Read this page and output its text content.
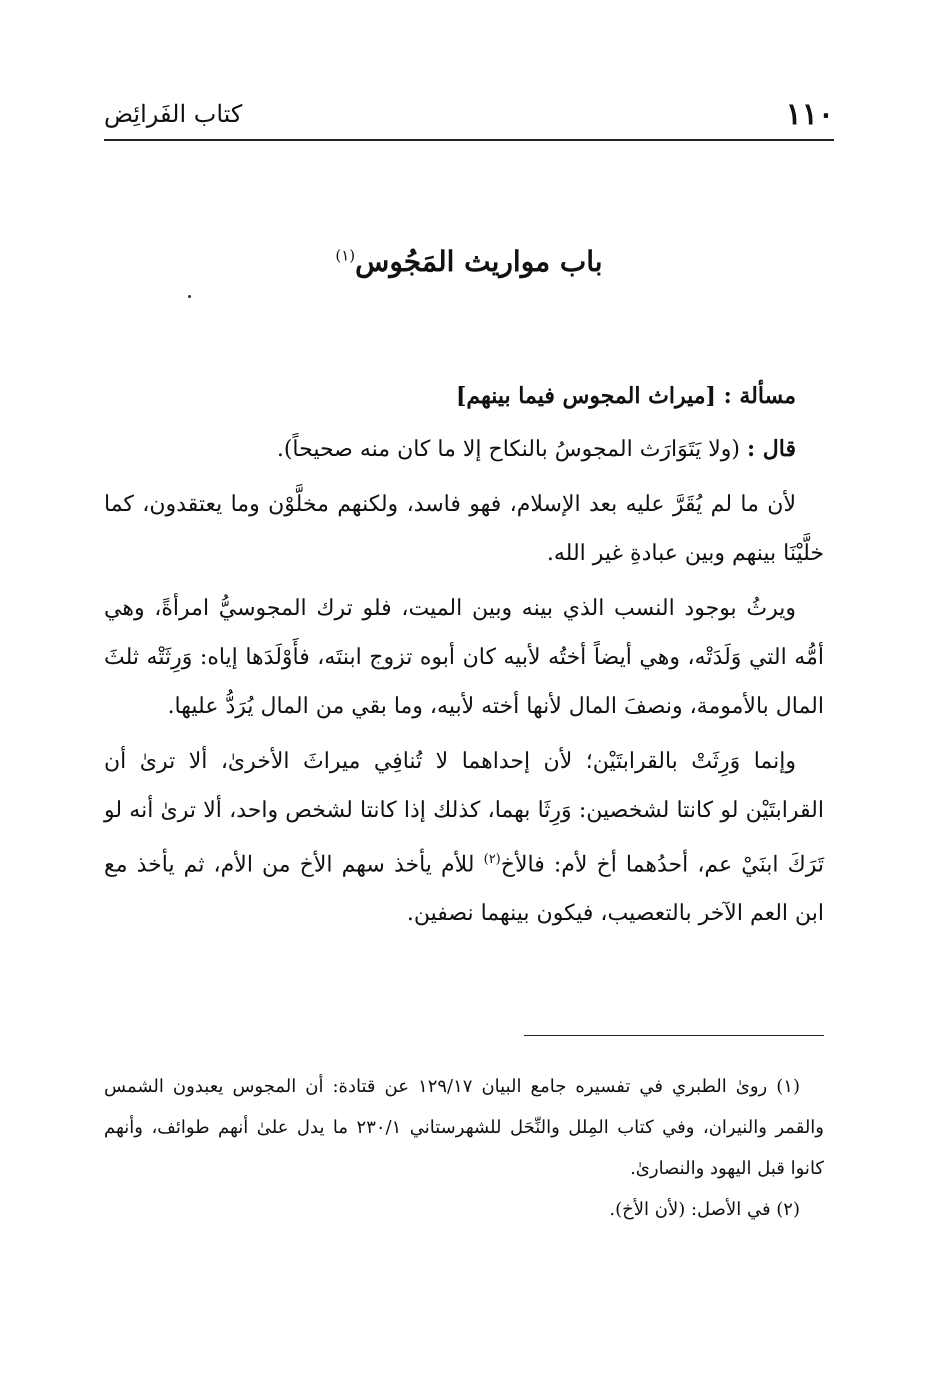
١١٠
كتاب الفَرائِض
باب مواريث المَجُوس$^{(١)}$

مسألة : [ميراث المجوس فيما بينهم]

قال : (ولا يَتَوَارَث المجوسُ بالنكاح إلا ما كان منه صحيحاً).

لأن ما لم يُقَرَّ عليه بعد الإسلام، فهو فاسد، ولكنهم مخلَّوْن وما يعتقدون، كما خلَّيْنَا بينهم وبين عبادةِ غير الله.

ويرثُ بوجود النسب الذي بينه وبين الميت، فلو ترك المجوسيُّ امرأةً، وهي أمُّه التي وَلَدَتْه، وهي أيضاً أختُه لأبيه كان أبوه تزوج ابنتَه، فأَوْلَدَها إياه: وَرِثَتْه ثلثَ المال بالأمومة، ونصفَ المال لأنها أخته لأبيه، وما بقي من المال يُرَدُّ عليها.

وإنما وَرِثَتْ بالقرابتَيْن؛ لأن إحداهما لا تُنافِي ميراثَ الأخرىٰ، ألا ترىٰ أن القرابتَيْن لو كانتا لشخصين: وَرِثَا بهما، كذلك إذا كانتا لشخص واحد، ألا ترىٰ أنه لو تَرَكَ ابنَيْ عم، أحدُهما أخ لأم: فالأخ$^{(٢)}$ للأم يأخذ سهم الأخ من الأم، ثم يأخذ مع ابن العم الآخر بالتعصيب، فيكون بينهما نصفين.

(١) رویٰ الطبري في تفسيره جامع البيان ١٢٩/١٧ عن قتادة: أن المجوس يعبدون الشمس والقمر والنيران، وفي كتاب المِلل والنِّحَل للشهرستاني ٢٣٠/١ ما يدل علىٰ أنهم طوائف، وأنهم كانوا قبل اليهود والنصارىٰ.

(٢) في الأصل: (لأن الأخ).
